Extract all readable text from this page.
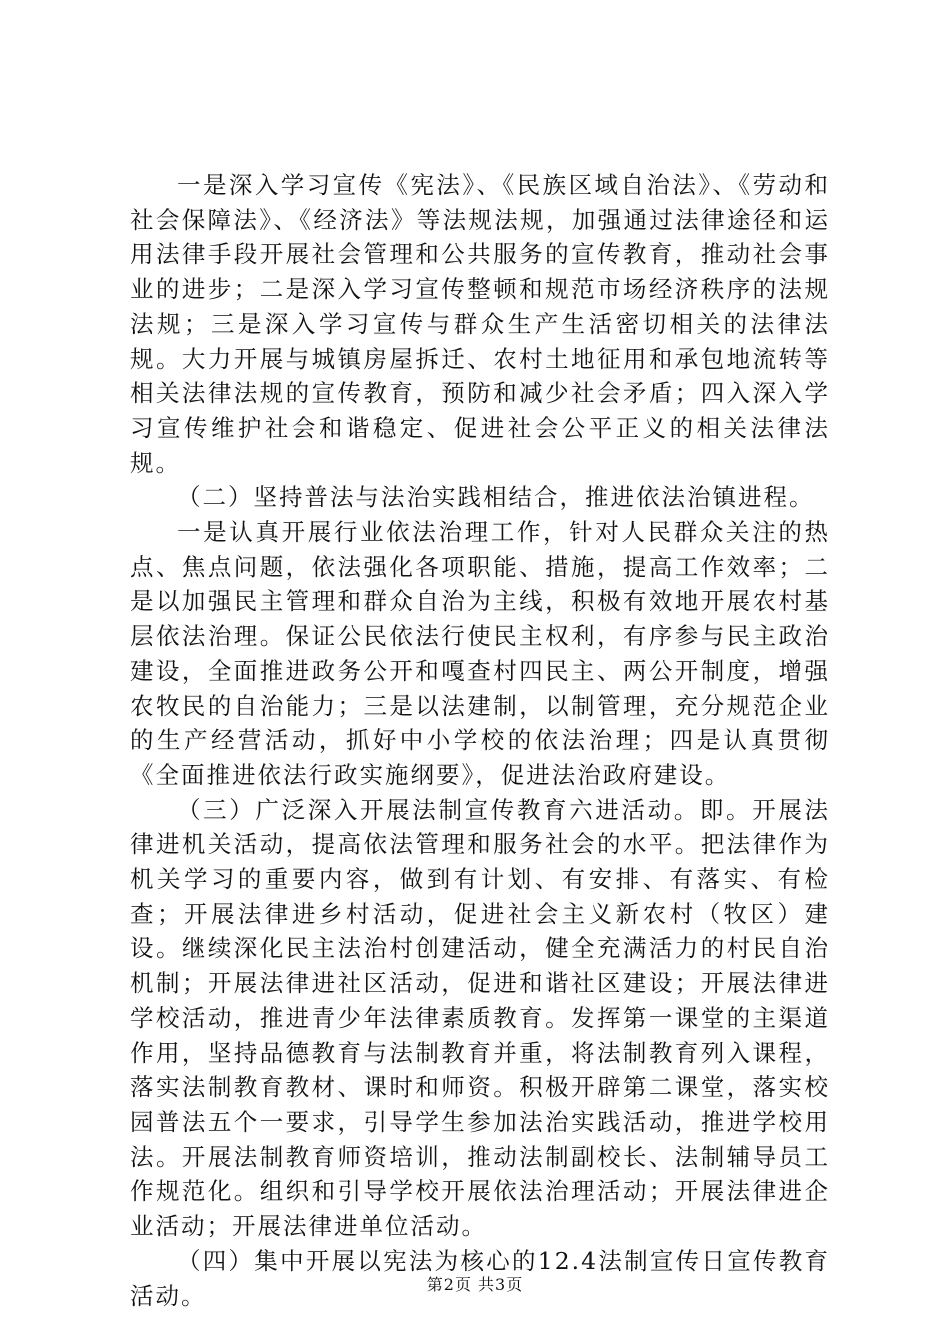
一是深入学习宣传《宪法》、《民族区域自治法》、《劳动和社会保障法》、《经济法》等法规法规，加强通过法律途径和运用法律手段开展社会管理和公共服务的宣传教育，推动社会事业的进步；二是深入学习宣传整顿和规范市场经济秩序的法规法规；三是深入学习宣传与群众生产生活密切相关的法律法规。大力开展与城镇房屋拆迁、农村土地征用和承包地流转等相关法律法规的宣传教育，预防和减少社会矛盾；四入深入学习宣传维护社会和谐稳定、促进社会公平正义的相关法律法规。

（二）坚持普法与法治实践相结合，推进依法治镇进程。

一是认真开展行业依法治理工作，针对人民群众关注的热点、焦点问题，依法强化各项职能、措施，提高工作效率；二是以加强民主管理和群众自治为主线，积极有效地开展农村基层依法治理。保证公民依法行使民主权利，有序参与民主政治建设，全面推进政务公开和嘎查村四民主、两公开制度，增强农牧民的自治能力；三是以法建制，以制管理，充分规范企业的生产经营活动，抓好中小学校的依法治理；四是认真贯彻《全面推进依法行政实施纲要》，促进法治政府建设。

（三）广泛深入开展法制宣传教育六进活动。即。开展法律进机关活动，提高依法管理和服务社会的水平。把法律作为机关学习的重要内容，做到有计划、有安排、有落实、有检查；开展法律进乡村活动，促进社会主义新农村（牧区）建设。继续深化民主法治村创建活动，健全充满活力的村民自治机制；开展法律进社区活动，促进和谐社区建设；开展法律进学校活动，推进青少年法律素质教育。发挥第一课堂的主渠道作用，坚持品德教育与法制教育并重，将法制教育列入课程，落实法制教育教材、课时和师资。积极开辟第二课堂，落实校园普法五个一要求，引导学生参加法治实践活动，推进学校用法。开展法制教育师资培训，推动法制副校长、法制辅导员工作规范化。组织和引导学校开展依法治理活动；开展法律进企业活动；开展法律进单位活动。

（四）集中开展以宪法为核心的12.4法制宣传日宣传教育活动。	第2页 共3页
